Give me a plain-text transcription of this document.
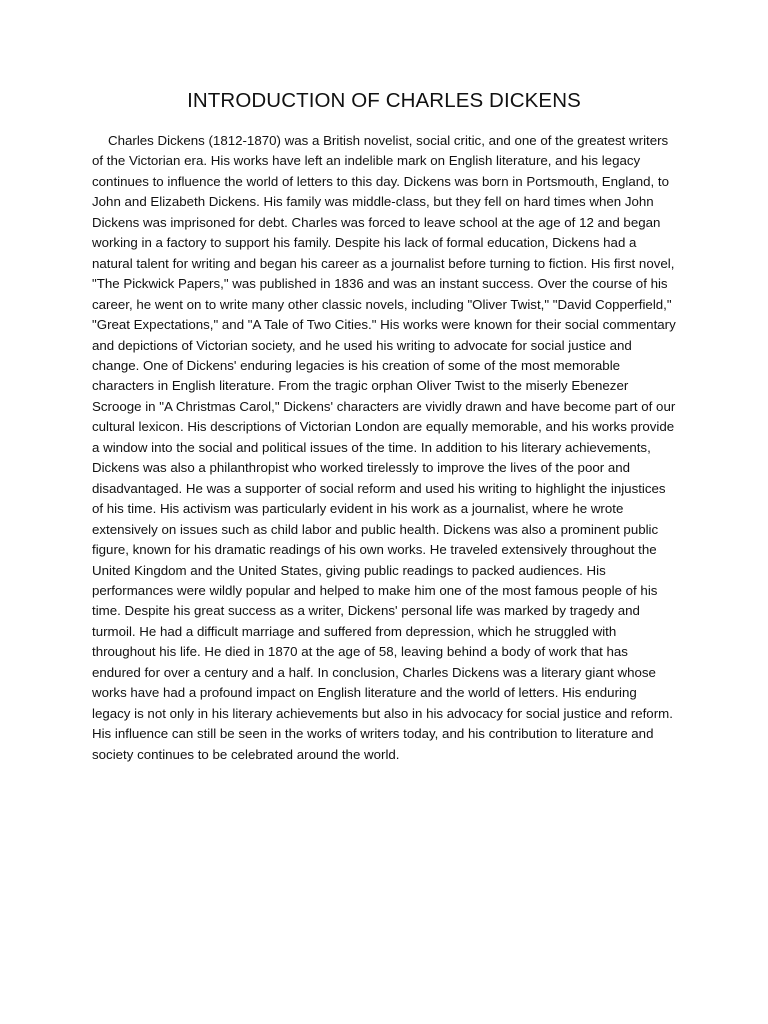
INTRODUCTION OF CHARLES DICKENS

Charles Dickens (1812-1870) was a British novelist, social critic, and one of the greatest writers of the Victorian era. His works have left an indelible mark on English literature, and his legacy continues to influence the world of letters to this day. Dickens was born in Portsmouth, England, to John and Elizabeth Dickens. His family was middle-class, but they fell on hard times when John Dickens was imprisoned for debt. Charles was forced to leave school at the age of 12 and began working in a factory to support his family. Despite his lack of formal education, Dickens had a natural talent for writing and began his career as a journalist before turning to fiction. His first novel, "The Pickwick Papers," was published in 1836 and was an instant success. Over the course of his career, he went on to write many other classic novels, including "Oliver Twist," "David Copperfield," "Great Expectations," and "A Tale of Two Cities." His works were known for their social commentary and depictions of Victorian society, and he used his writing to advocate for social justice and change. One of Dickens' enduring legacies is his creation of some of the most memorable characters in English literature. From the tragic orphan Oliver Twist to the miserly Ebenezer Scrooge in "A Christmas Carol," Dickens' characters are vividly drawn and have become part of our cultural lexicon. His descriptions of Victorian London are equally memorable, and his works provide a window into the social and political issues of the time. In addition to his literary achievements, Dickens was also a philanthropist who worked tirelessly to improve the lives of the poor and disadvantaged. He was a supporter of social reform and used his writing to highlight the injustices of his time. His activism was particularly evident in his work as a journalist, where he wrote extensively on issues such as child labor and public health. Dickens was also a prominent public figure, known for his dramatic readings of his own works. He traveled extensively throughout the United Kingdom and the United States, giving public readings to packed audiences. His performances were wildly popular and helped to make him one of the most famous people of his time. Despite his great success as a writer, Dickens' personal life was marked by tragedy and turmoil. He had a difficult marriage and suffered from depression, which he struggled with throughout his life. He died in 1870 at the age of 58, leaving behind a body of work that has endured for over a century and a half. In conclusion, Charles Dickens was a literary giant whose works have had a profound impact on English literature and the world of letters. His enduring legacy is not only in his literary achievements but also in his advocacy for social justice and reform. His influence can still be seen in the works of writers today, and his contribution to literature and society continues to be celebrated around the world.
